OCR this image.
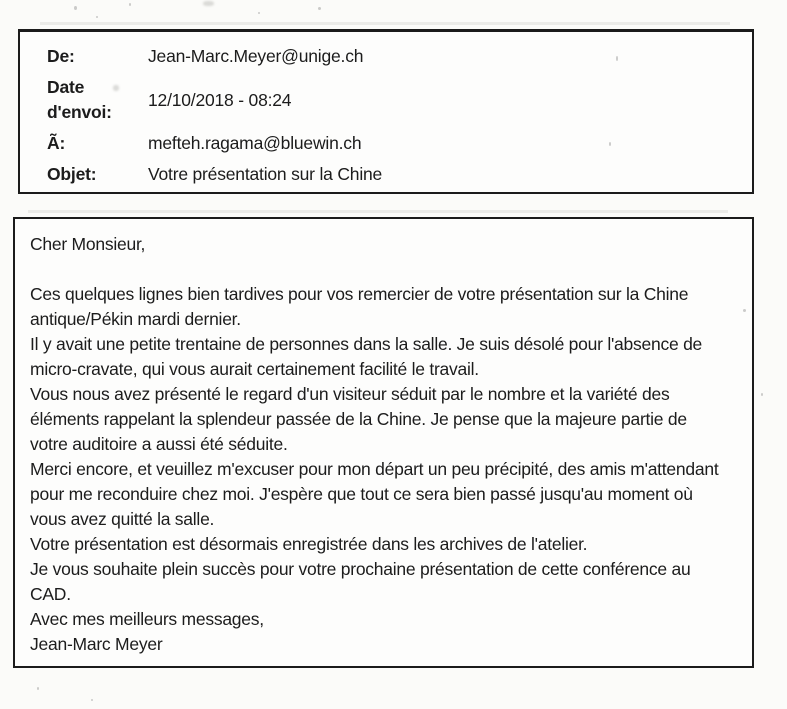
De:	Jean-Marc.Meyer@unige.ch
Date d'envoi:
12/10/2018 - 08:24
Ã:	mefteh.ragama@bluewin.ch
Objet:	Votre présentation sur la Chine
Cher Monsieur,
Ces quelques lignes bien tardives pour vos remercier de votre présentation sur la Chine
antique/Pékin mardi dernier.
Il y avait une petite trentaine de personnes dans la salle. Je suis désolé pour l'absence de
micro-cravate, qui vous aurait certainement facilité le travail.
Vous nous avez présenté le regard d'un visiteur séduit par le nombre et la variété des
éléments rappelant la splendeur passée de la Chine. Je pense que la majeure partie de
votre auditoire a aussi été séduite.
Merci encore, et veuillez m'excuser pour mon départ un peu précipité, des amis m'attendant
pour me reconduire chez moi. J'espère que tout ce sera bien passé jusqu'au moment où
vous avez quitté la salle.
Votre présentation est désormais enregistrée dans les archives de l'atelier.
Je vous souhaite plein succès pour votre prochaine présentation de cette conférence au
CAD.
Avec mes meilleurs messages,
Jean-Marc Meyer
